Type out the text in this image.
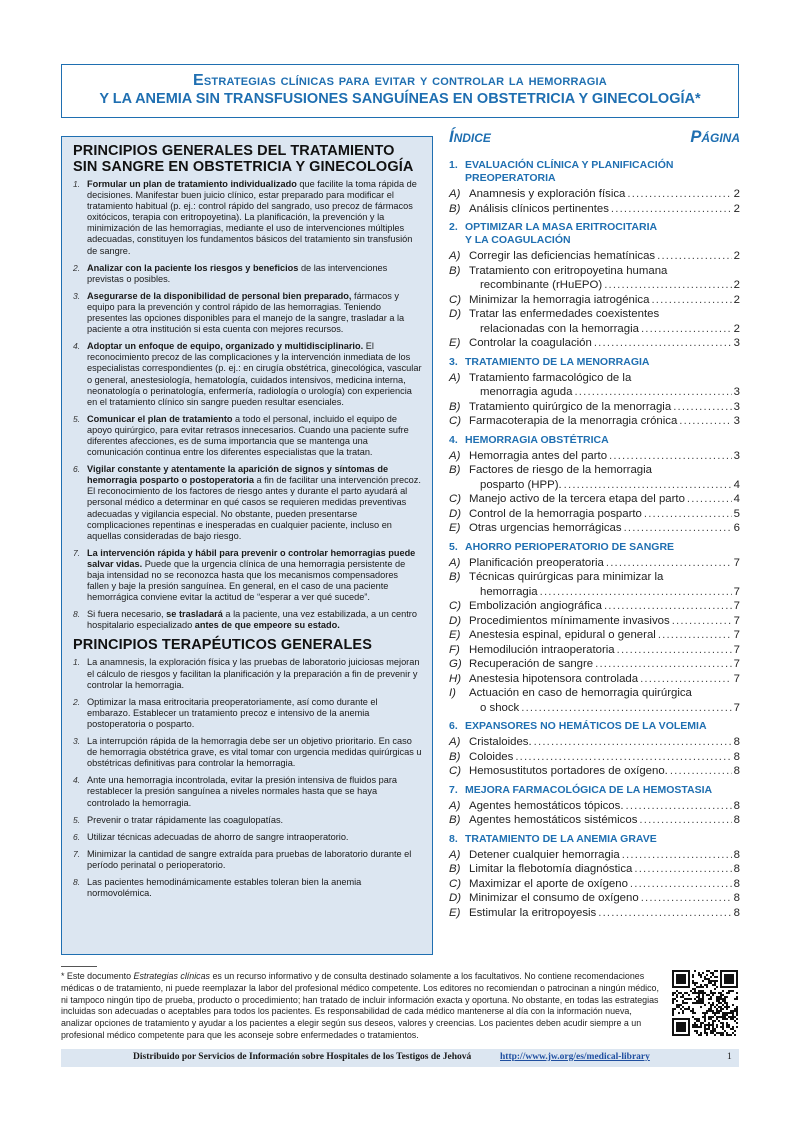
Estrategias clínicas para evitar y controlar la hemorragia
Y LA ANEMIA SIN TRANSFUSIONES SANGUÍNEAS EN OBSTETRICIA Y GINECOLOGÍA*
PRINCIPIOS GENERALES DEL TRATAMIENTO SIN SANGRE EN OBSTETRICIA Y GINECOLOGÍA
1. Formular un plan de tratamiento individualizado que facilite la toma rápida de decisiones. Manifestar buen juicio clínico, estar preparado para modificar el tratamiento habitual (p. ej.: control rápido del sangrado, uso precoz de fármacos oxitócicos, terapia con eritropoyetina). La planificación, la prevención y la minimización de las hemorragias, mediante el uso de intervenciones múltiples adecuadas, constituyen los fundamentos básicos del tratamiento sin transfusión de sangre.
2. Analizar con la paciente los riesgos y beneficios de las intervenciones previstas o posibles.
3. Asegurarse de la disponibilidad de personal bien preparado, fármacos y equipo para la prevención y control rápido de las hemorragias. Teniendo presentes las opciones disponibles para el manejo de la sangre, trasladar a la paciente a otra institución si esta cuenta con mejores recursos.
4. Adoptar un enfoque de equipo, organizado y multidisciplinario. El reconocimiento precoz de las complicaciones y la intervención inmediata de los especialistas correspondientes (p. ej.: en cirugía obstétrica, ginecológica, vascular o general, anestesiología, hematología, cuidados intensivos, medicina interna, neonatología o perinatología, enfermería, radiología o urología) con experiencia en el tratamiento clínico sin sangre pueden resultar esenciales.
5. Comunicar el plan de tratamiento a todo el personal, incluido el equipo de apoyo quirúrgico, para evitar retrasos innecesarios. Cuando una paciente sufre diferentes afecciones, es de suma importancia que se mantenga una comunicación continua entre los diferentes especialistas que la tratan.
6. Vigilar constante y atentamente la aparición de signos y síntomas de hemorragia posparto o postoperatoria a fin de facilitar una intervención precoz. El reconocimiento de los factores de riesgo antes y durante el parto ayudará al personal médico a determinar en qué casos se requieren medidas preventivas adecuadas y vigilancia especial. No obstante, pueden presentarse complicaciones repentinas e inesperadas en cualquier paciente, incluso en aquellas consideradas de bajo riesgo.
7. La intervención rápida y hábil para prevenir o controlar hemorragias puede salvar vidas. Puede que la urgencia clínica de una hemorragia persistente de baja intensidad no se reconozca hasta que los mecanismos compensadores fallen y baje la presión sanguínea. En general, en el caso de una paciente hemorrágica conviene evitar la actitud de “esperar a ver qué sucede”.
8. Si fuera necesario, se trasladará a la paciente, una vez estabilizada, a un centro hospitalario especializado antes de que empeore su estado.
PRINCIPIOS TERAPÉUTICOS GENERALES
1. La anamnesis, la exploración física y las pruebas de laboratorio juiciosas mejoran el cálculo de riesgos y facilitan la planificación y la preparación a fin de prevenir y controlar la hemorragia.
2. Optimizar la masa eritrocitaria preoperatoriamente, así como durante el embarazo. Establecer un tratamiento precoz e intensivo de la anemia postoperatoria o posparto.
3. La interrupción rápida de la hemorragia debe ser un objetivo prioritario. En caso de hemorragia obstétrica grave, es vital tomar con urgencia medidas quirúrgicas u obstétricas definitivas para controlar la hemorragia.
4. Ante una hemorragia incontrolada, evitar la presión intensiva de fluidos para restablecer la presión sanguínea a niveles normales hasta que se haya controlado la hemorragia.
5. Prevenir o tratar rápidamente las coagulopatías.
6. Utilizar técnicas adecuadas de ahorro de sangre intraoperatorio.
7. Minimizar la cantidad de sangre extraída para pruebas de laboratorio durante el período perinatal o perioperatorio.
8. Las pacientes hemodinámicamente estables toleran bien la anemia normovolémica.
Índice	Página
1. EVALUACIÓN CLÍNICA Y PLANIFICACIÓN
PREOPERATORIA
A) Anamnesis y exploración física . . .	2
B) Análisis clínicos pertinentes . . .	2
2. OPTIMIZAR LA MASA ERITROCITARIA
Y LA COAGULACIÓN
A) Corregir las deficiencias hematínicas . . .	2
B) Tratamiento con eritropoyetina humana
recombinante (rHuEPO) . . .	2
C) Minimizar la hemorragia iatrogénica . . .	2
D) Tratar las enfermedades coexistentes
relacionadas con la hemorragia . . .	2
E) Controlar la coagulación . . .	3
3. TRATAMIENTO DE LA MENORRAGIA
A) Tratamiento farmacológico de la
menorragia aguda . . .	3
B) Tratamiento quirúrgico de la menorragia . . .	3
C) Farmacoterapia de la menorragia crónica . . .	3
4. HEMORRAGIA OBSTÉTRICA
A) Hemorragia antes del parto . . .	3
B) Factores de riesgo de la hemorragia
posparto (HPP). . . .	4
C) Manejo activo de la tercera etapa del parto . . .	4
D) Control de la hemorragia posparto . . .	5
E) Otras urgencias hemorrágicas . . .	6
5. AHORRO PERIOPERATORIO DE SANGRE
A) Planificación preoperatoria . . .	7
B) Técnicas quirúrgicas para minimizar la
hemorragia . . .	7
C) Embolización angiográfica . . .	7
D) Procedimientos mínimamente invasivos . . .	7
E) Anestesia espinal, epidural o general . . .	7
F) Hemodilución intraoperatoria . . .	7
G) Recuperación de sangre . . .	7
H) Anestesia hipotensora controlada . . .	7
I) Actuación en caso de hemorragia quirúrgica
o shock . . .	7
6. EXPANSORES NO HEMÁTICOS DE LA VOLEMIA
A) Cristaloides. . . .	8
B) Coloides . . .	8
C) Hemosustitutos portadores de oxígeno. . . .	8
7. MEJORA FARMACOLÓGICA DE LA HEMOSTASIA
A) Agentes hemostáticos tópicos. . . .	8
B) Agentes hemostáticos sistémicos . . .	8
8. TRATAMIENTO DE LA ANEMIA GRAVE
A) Detener cualquier hemorragia . . .	8
B) Limitar la flebotomía diagnóstica . . .	8
C) Maximizar el aporte de oxígeno . . .	8
D) Minimizar el consumo de oxígeno . . .	8
E) Estimular la eritropoyesis . . .	8
* Este documento Estrategias clínicas es un recurso informativo y de consulta destinado solamente a los facultativos. No contiene recomendaciones médicas o de tratamiento, ni puede reemplazar la labor del profesional médico competente. Los editores no recomiendan o patrocinan a ningún médico, ni tampoco ningún tipo de prueba, producto o procedimiento; han tratado de incluir información exacta y oportuna. No obstante, en todas las estrategias incluidas son adecuadas o aceptables para todos los pacientes. Es responsabilidad de cada médico mantenerse al día con la información nueva, analizar opciones de tratamiento y ayudar a los pacientes a elegir según sus deseos, valores y creencias. Los pacientes deben acudir siempre a un profesional médico competente para que les aconseje sobre enfermedades o tratamientos.
Distribuido por Servicios de Información sobre Hospitales de los Testigos de Jehová	http://www.jw.org/es/medical-library	1
